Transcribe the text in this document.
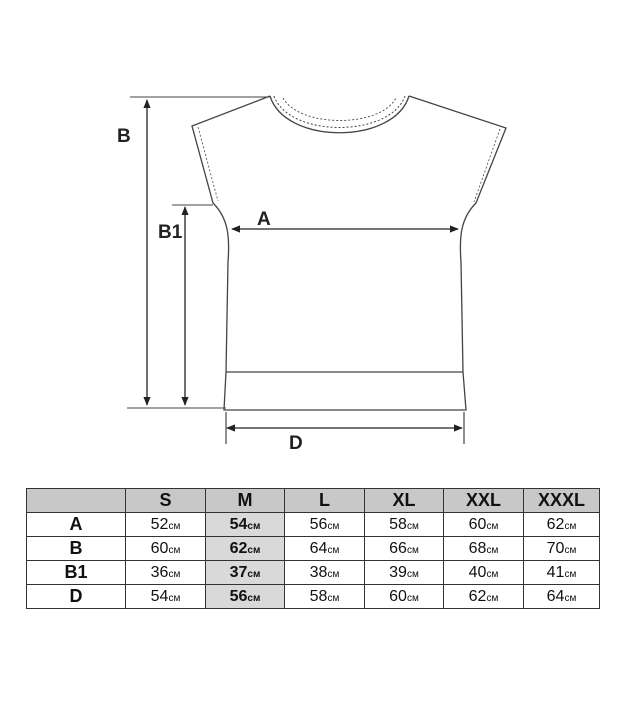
B
B1
A
D
	S	M	L	XL	XXL	XXXL
A	52см	54см	56см	58см	60см	62см
B	60см	62см	64см	66см	68см	70см
B1	36см	37см	38см	39см	40см	41см
D	54см	56см	58см	60см	62см	64см
